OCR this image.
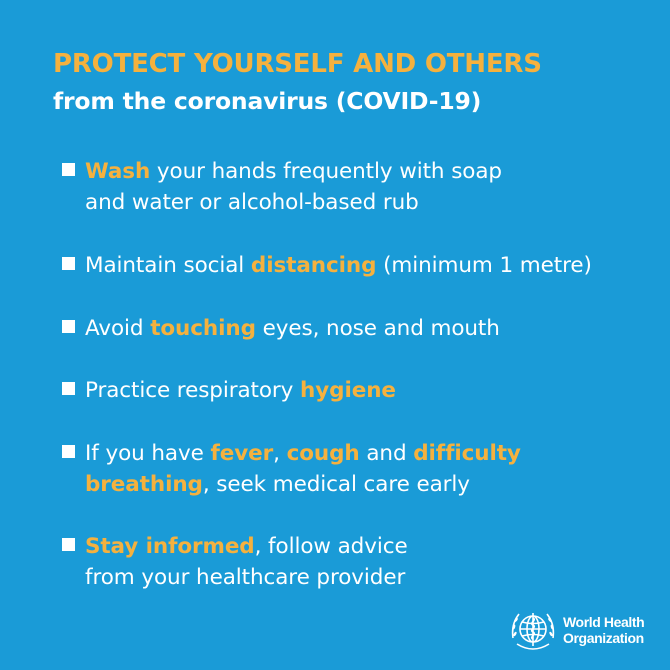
PROTECT YOURSELF AND OTHERS
from the coronavirus (COVID-19)
Wash your hands frequently with soap
and water or alcohol-based rub
Maintain social distancing (minimum 1 metre)
Avoid touching eyes, nose and mouth
Practice respiratory hygiene
If you have fever, cough and difficulty
breathing, seek medical care early
Stay informed, follow advice
from your healthcare provider
World Health
Organization
